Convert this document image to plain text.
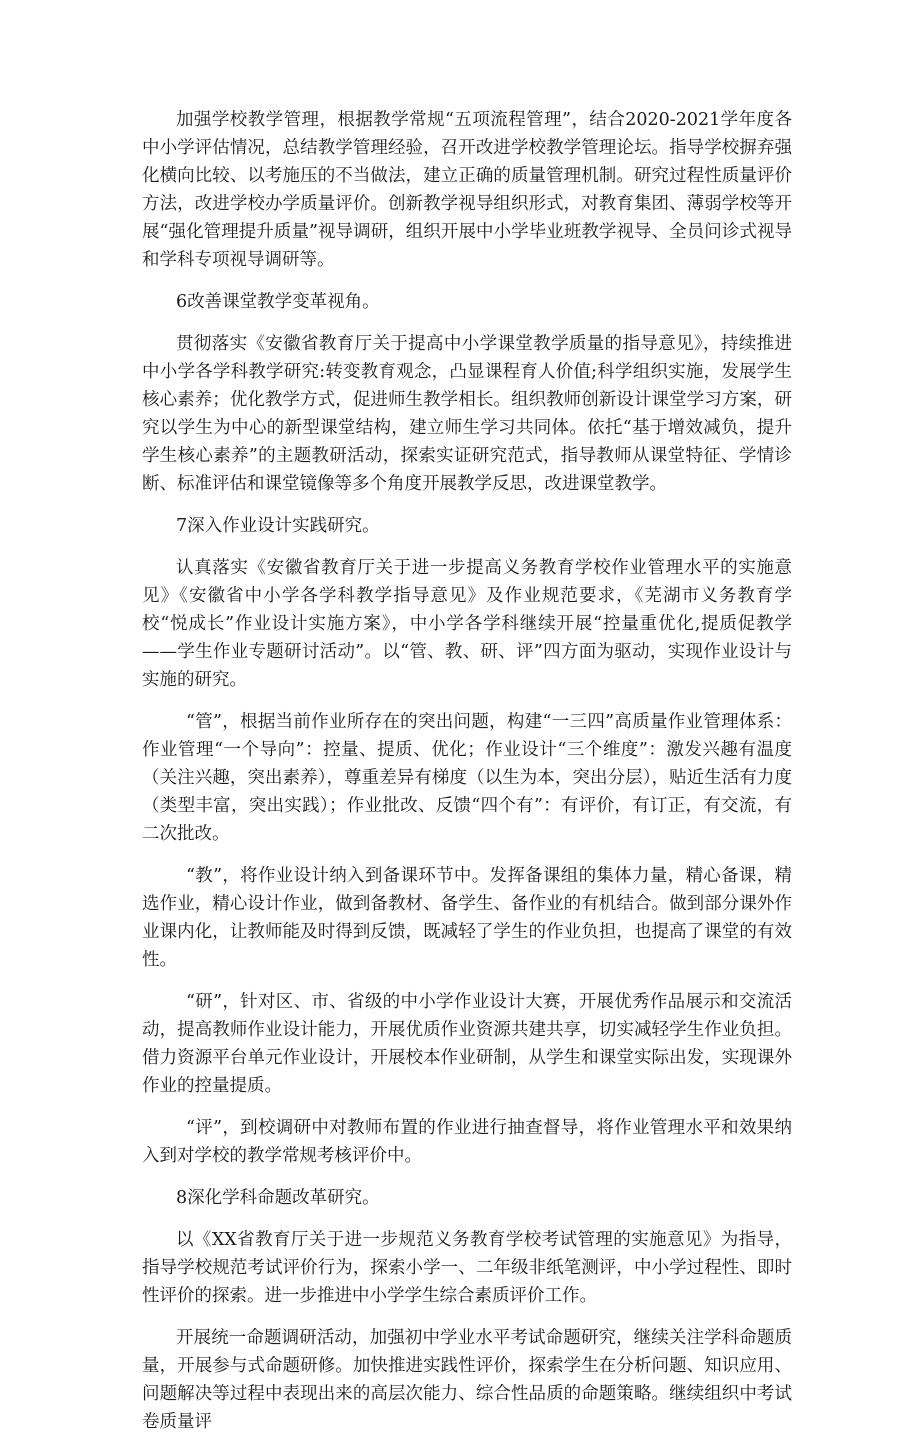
加强学校教学管理，根据教学常规“五项流程管理”，结合2020-2021学年度各中小学评估情况，总结教学管理经验，召开改进学校教学管理论坛。指导学校摒弃强化横向比较、以考施压的不当做法，建立正确的质量管理机制。研究过程性质量评价方法，改进学校办学质量评价。创新教学视导组织形式，对教育集团、薄弱学校等开展“强化管理提升质量”视导调研，组织开展中小学毕业班教学视导、全员问诊式视导和学科专项视导调研等。

6改善课堂教学变革视角。

贯彻落实《安徽省教育厅关于提高中小学课堂教学质量的指导意见》，持续推进中小学各学科教学研究:转变教育观念，凸显课程育人价值;科学组织实施，发展学生核心素养；优化教学方式，促进师生教学相长。组织教师创新设计课堂学习方案，研究以学生为中心的新型课堂结构，建立师生学习共同体。依托“基于增效减负，提升学生核心素养”的主题教研活动，探索实证研究范式，指导教师从课堂特征、学情诊断、标准评估和课堂镜像等多个角度开展教学反思，改进课堂教学。

7深入作业设计实践研究。

认真落实《安徽省教育厅关于进一步提高义务教育学校作业管理水平的实施意见》《安徽省中小学各学科教学指导意见》及作业规范要求，《芜湖市义务教育学校“悦成长”作业设计实施方案》，中小学各学科继续开展“控量重优化,提质促教学——学生作业专题研讨活动”。以“管、教、研、评”四方面为驱动，实现作业设计与实施的研究。

“管”，根据当前作业所存在的突出问题，构建“一三四”高质量作业管理体系：作业管理“一个导向”：控量、提质、优化；作业设计“三个维度”：激发兴趣有温度（关注兴趣，突出素养），尊重差异有梯度（以生为本，突出分层），贴近生活有力度（类型丰富，突出实践）；作业批改、反馈“四个有”：有评价，有订正，有交流，有二次批改。

“教”，将作业设计纳入到备课环节中。发挥备课组的集体力量，精心备课，精选作业，精心设计作业，做到备教材、备学生、备作业的有机结合。做到部分课外作业课内化，让教师能及时得到反馈，既减轻了学生的作业负担，也提高了课堂的有效性。

“研”，针对区、市、省级的中小学作业设计大赛，开展优秀作品展示和交流活动，提高教师作业设计能力，开展优质作业资源共建共享，切实减轻学生作业负担。借力资源平台单元作业设计，开展校本作业研制，从学生和课堂实际出发，实现课外作业的控量提质。

“评”，到校调研中对教师布置的作业进行抽查督导，将作业管理水平和效果纳入到对学校的教学常规考核评价中。

8深化学科命题改革研究。

以《XX省教育厅关于进一步规范义务教育学校考试管理的实施意见》为指导，指导学校规范考试评价行为，探索小学一、二年级非纸笔测评，中小学过程性、即时性评价的探索。进一步推进中小学学生综合素质评价工作。

开展统一命题调研活动，加强初中学业水平考试命题研究，继续关注学科命题质量，开展参与式命题研修。加快推进实践性评价，探索学生在分析问题、知识应用、问题解决等过程中表现出来的高层次能力、综合性品质的命题策略。继续组织中考试卷质量评
